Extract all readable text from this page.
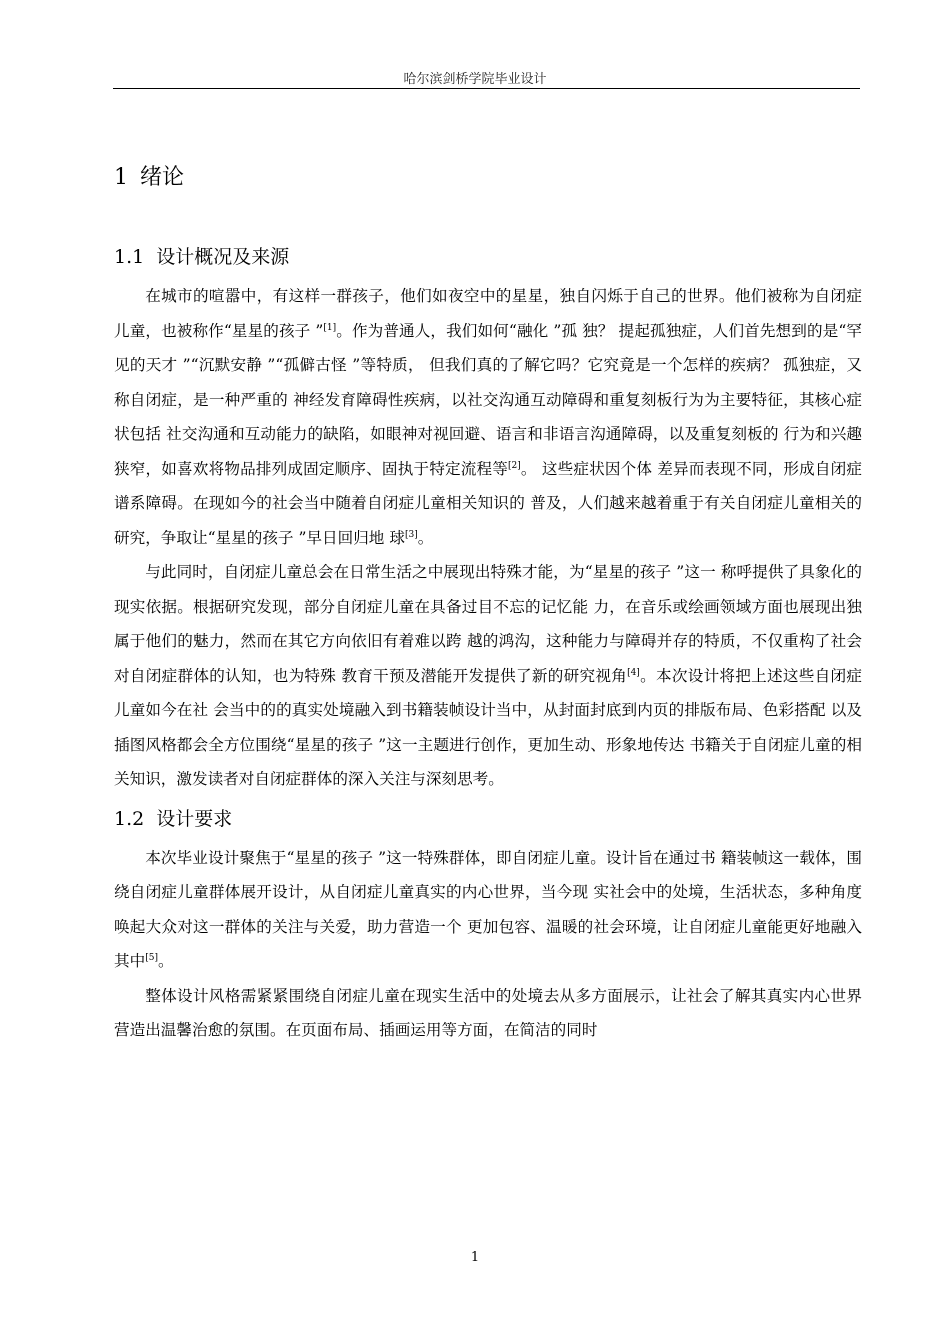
哈尔滨剑桥学院毕业设计
1 绪论
1.1 设计概况及来源

在城市的喧嚣中，有这样一群孩子，他们如夜空中的星星，独自闪烁于自己的世界。他们被称为自闭症儿童，也被称作“星星的孩子 ”[1]。作为普通人，我们如何“融化 ”孤 独？ 提起孤独症，人们首先想到的是“罕见的天才 ”“沉默安静 ”“孤僻古怪 ”等特质， 但我们真的了解它吗？它究竟是一个怎样的疾病？ 孤独症，又称自闭症，是一种严重的 神经发育障碍性疾病，以社交沟通互动障碍和重复刻板行为为主要特征，其核心症状包括 社交沟通和互动能力的缺陷，如眼神对视回避、语言和非语言沟通障碍，以及重复刻板的 行为和兴趣狭窄，如喜欢将物品排列成固定顺序、固执于特定流程等[2]。 这些症状因个体 差异而表现不同，形成自闭症谱系障碍。在现如今的社会当中随着自闭症儿童相关知识的 普及，人们越来越着重于有关自闭症儿童相关的研究，争取让“星星的孩子 ”早日回归地 球[3]。

与此同时，自闭症儿童总会在日常生活之中展现出特殊才能，为“星星的孩子 ”这一 称呼提供了具象化的现实依据。根据研究发现，部分自闭症儿童在具备过目不忘的记忆能 力，在音乐或绘画领域方面也展现出独属于他们的魅力，然而在其它方向依旧有着难以跨 越的鸿沟，这种能力与障碍并存的特质，不仅重构了社会对自闭症群体的认知，也为特殊 教育干预及潜能开发提供了新的研究视角[4]。本次设计将把上述这些自闭症儿童如今在社 会当中的的真实处境融入到书籍装帧设计当中，从封面封底到内页的排版布局、色彩搭配 以及插图风格都会全方位围绕“星星的孩子 ”这一主题进行创作，更加生动、形象地传达 书籍关于自闭症儿童的相关知识，激发读者对自闭症群体的深入关注与深刻思考。

1.2 设计要求

本次毕业设计聚焦于“星星的孩子 ”这一特殊群体，即自闭症儿童。设计旨在通过书 籍装帧这一载体，围绕自闭症儿童群体展开设计，从自闭症儿童真实的内心世界，当今现 实社会中的处境，生活状态，多种角度唤起大众对这一群体的关注与关爱，助力营造一个 更加包容、温暖的社会环境，让自闭症儿童能更好地融入其中[5]。

整体设计风格需紧紧围绕自闭症儿童在现实生活中的处境去从多方面展示，让社会了解其真实内心世界营造出温馨治愈的氛围。在页面布局、插画运用等方面，在简洁的同时

1
